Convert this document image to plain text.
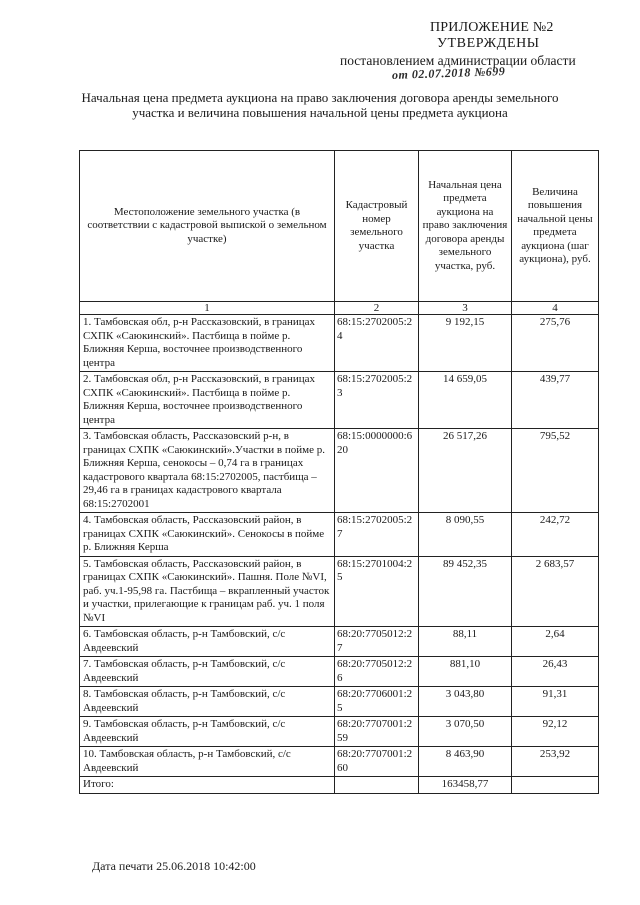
ПРИЛОЖЕНИЕ №2
УТВЕРЖДЕНЫ
постановлением администрации области
от 02.07.2018 №699
Начальная цена предмета аукциона на право заключения договора аренды земельного участка и величина повышения начальной цены предмета аукциона
Местоположение земельного участка (в соответствии с кадастровой выпиской о земельном участке)	Кадастровый номер земельного участка	Начальная цена предмета аукциона на право заключения договора аренды земельного участка, руб.	Величина повышения начальной цены предмета аукциона (шаг аукциона), руб.
1	2	3	4
1. Тамбовская обл, р-н Рассказовский, в границах СХПК «Саюкинский». Пастбища в пойме р. Ближняя Керша, восточнее производственного центра	68:15:2702005:24	9 192,15	275,76
2. Тамбовская обл, р-н Рассказовский, в границах СХПК «Саюкинский». Пастбища в пойме р. Ближняя Керша, восточнее производственного центра	68:15:2702005:23	14 659,05	439,77
3. Тамбовская область, Рассказовский р-н, в границах СХПК «Саюкинский».Участки в пойме р. Ближняя Керша, сенокосы – 0,74 га в границах кадастрового квартала 68:15:2702005, пастбища – 29,46 га в границах кадастрового квартала 68:15:2702001	68:15:0000000:620	26 517,26	795,52
4. Тамбовская область, Рассказовский район, в границах СХПК «Саюкинский». Сенокосы в пойме р. Ближняя Керша	68:15:2702005:27	8 090,55	242,72
5. Тамбовская область, Рассказовский район, в границах СХПК «Саюкинский». Пашня. Поле №VI, раб. уч.1-95,98 га. Пастбища – вкрапленный участок и участки, прилегающие к границам раб. уч. 1 поля №VI	68:15:2701004:25	89 452,35	2 683,57
6. Тамбовская область, р-н Тамбовский, с/с Авдеевский	68:20:7705012:27	88,11	2,64
7. Тамбовская область, р-н Тамбовский, с/с Авдеевский	68:20:7705012:26	881,10	26,43
8. Тамбовская область, р-н Тамбовский, с/с Авдеевский	68:20:7706001:25	3 043,80	91,31
9. Тамбовская область, р-н Тамбовский, с/с Авдеевский	68:20:7707001:259	3 070,50	92,12
10. Тамбовская область, р-н Тамбовский, с/с Авдеевский	68:20:7707001:260	8 463,90	253,92
Итого:		163458,77	
Дата печати 25.06.2018 10:42:00
